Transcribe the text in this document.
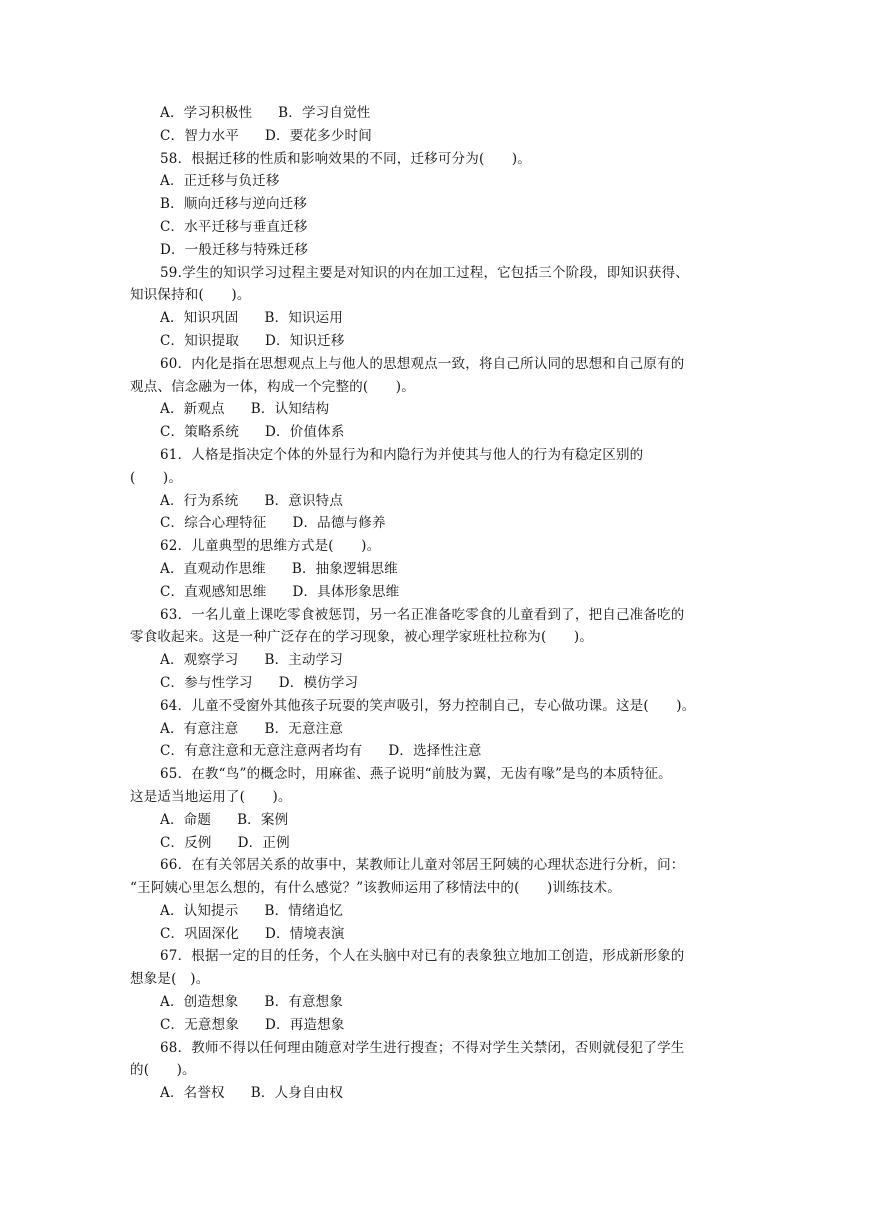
A．学习积极性 B．学习自觉性
C．智力水平 D．要花多少时间
58．根据迁移的性质和影响效果的不同，迁移可分为(　　)。
A．正迁移与负迁移
B．顺向迁移与逆向迁移
C．水平迁移与垂直迁移
D．一般迁移与特殊迁移
59.学生的知识学习过程主要是对知识的内在加工过程，它包括三个阶段，即知识获得、
知识保持和(　　)。
A．知识巩固 B．知识运用
C．知识提取 D．知识迁移
60．内化是指在思想观点上与他人的思想观点一致，将自己所认同的思想和自己原有的
观点、信念融为一体，构成一个完整的(　　)。
A．新观点 B．认知结构
C．策略系统 D．价值体系
61．人格是指决定个体的外显行为和内隐行为并使其与他人的行为有稳定区别的
(　　)。
A．行为系统 B．意识特点
C．综合心理特征 D．品德与修养
62．儿童典型的思维方式是(　　)。
A．直观动作思维 B．抽象逻辑思维
C．直观感知思维 D．具体形象思维
63．一名儿童上课吃零食被惩罚，另一名正准备吃零食的儿童看到了，把自己准备吃的
零食收起来。这是一种广泛存在的学习现象，被心理学家班杜拉称为(　　)。
A．观察学习 B．主动学习
C．参与性学习 D．模仿学习
64．儿童不受窗外其他孩子玩耍的笑声吸引，努力控制自己，专心做功课。这是(　　)。
A．有意注意 B．无意注意
C．有意注意和无意注意两者均有 D．选择性注意
65．在教“鸟”的概念时，用麻雀、燕子说明“前肢为翼，无齿有喙”是鸟的本质特征。
这是适当地运用了(　　)。
A．命题 B．案例
C．反例 D．正例
66．在有关邻居关系的故事中，某教师让儿童对邻居王阿姨的心理状态进行分析，问：
“王阿姨心里怎么想的，有什么感觉？”该教师运用了移情法中的(　　)训练技术。
A．认知提示 B．情绪追忆
C．巩固深化 D．情境表演
67．根据一定的目的任务，个人在头脑中对已有的表象独立地加工创造，形成新形象的
想象是(　)。
A．创造想象 B．有意想象
C．无意想象 D．再造想象
68．教师不得以任何理由随意对学生进行搜查；不得对学生关禁闭，否则就侵犯了学生
的(　　)。
A．名誉权 B．人身自由权
